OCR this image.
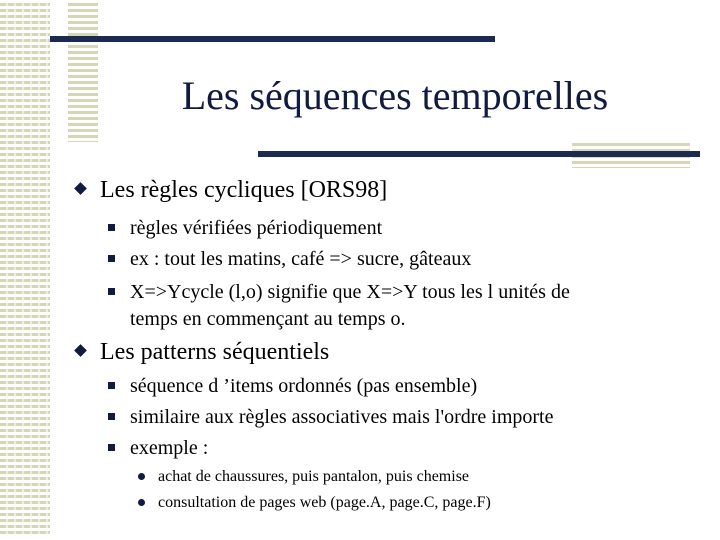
Les séquences temporelles
Les règles cycliques [ORS98]
règles vérifiées périodiquement
ex : tout les matins, café => sucre, gâteaux
X=>Ycycle (l,o) signifie que X=>Y tous les l unités de
temps en commençant au temps o.
Les patterns séquentiels
séquence d ’items ordonnés (pas ensemble)
similaire aux règles associatives mais l'ordre importe
exemple :
achat de chaussures, puis pantalon, puis chemise
consultation de pages web (page.A, page.C, page.F)
